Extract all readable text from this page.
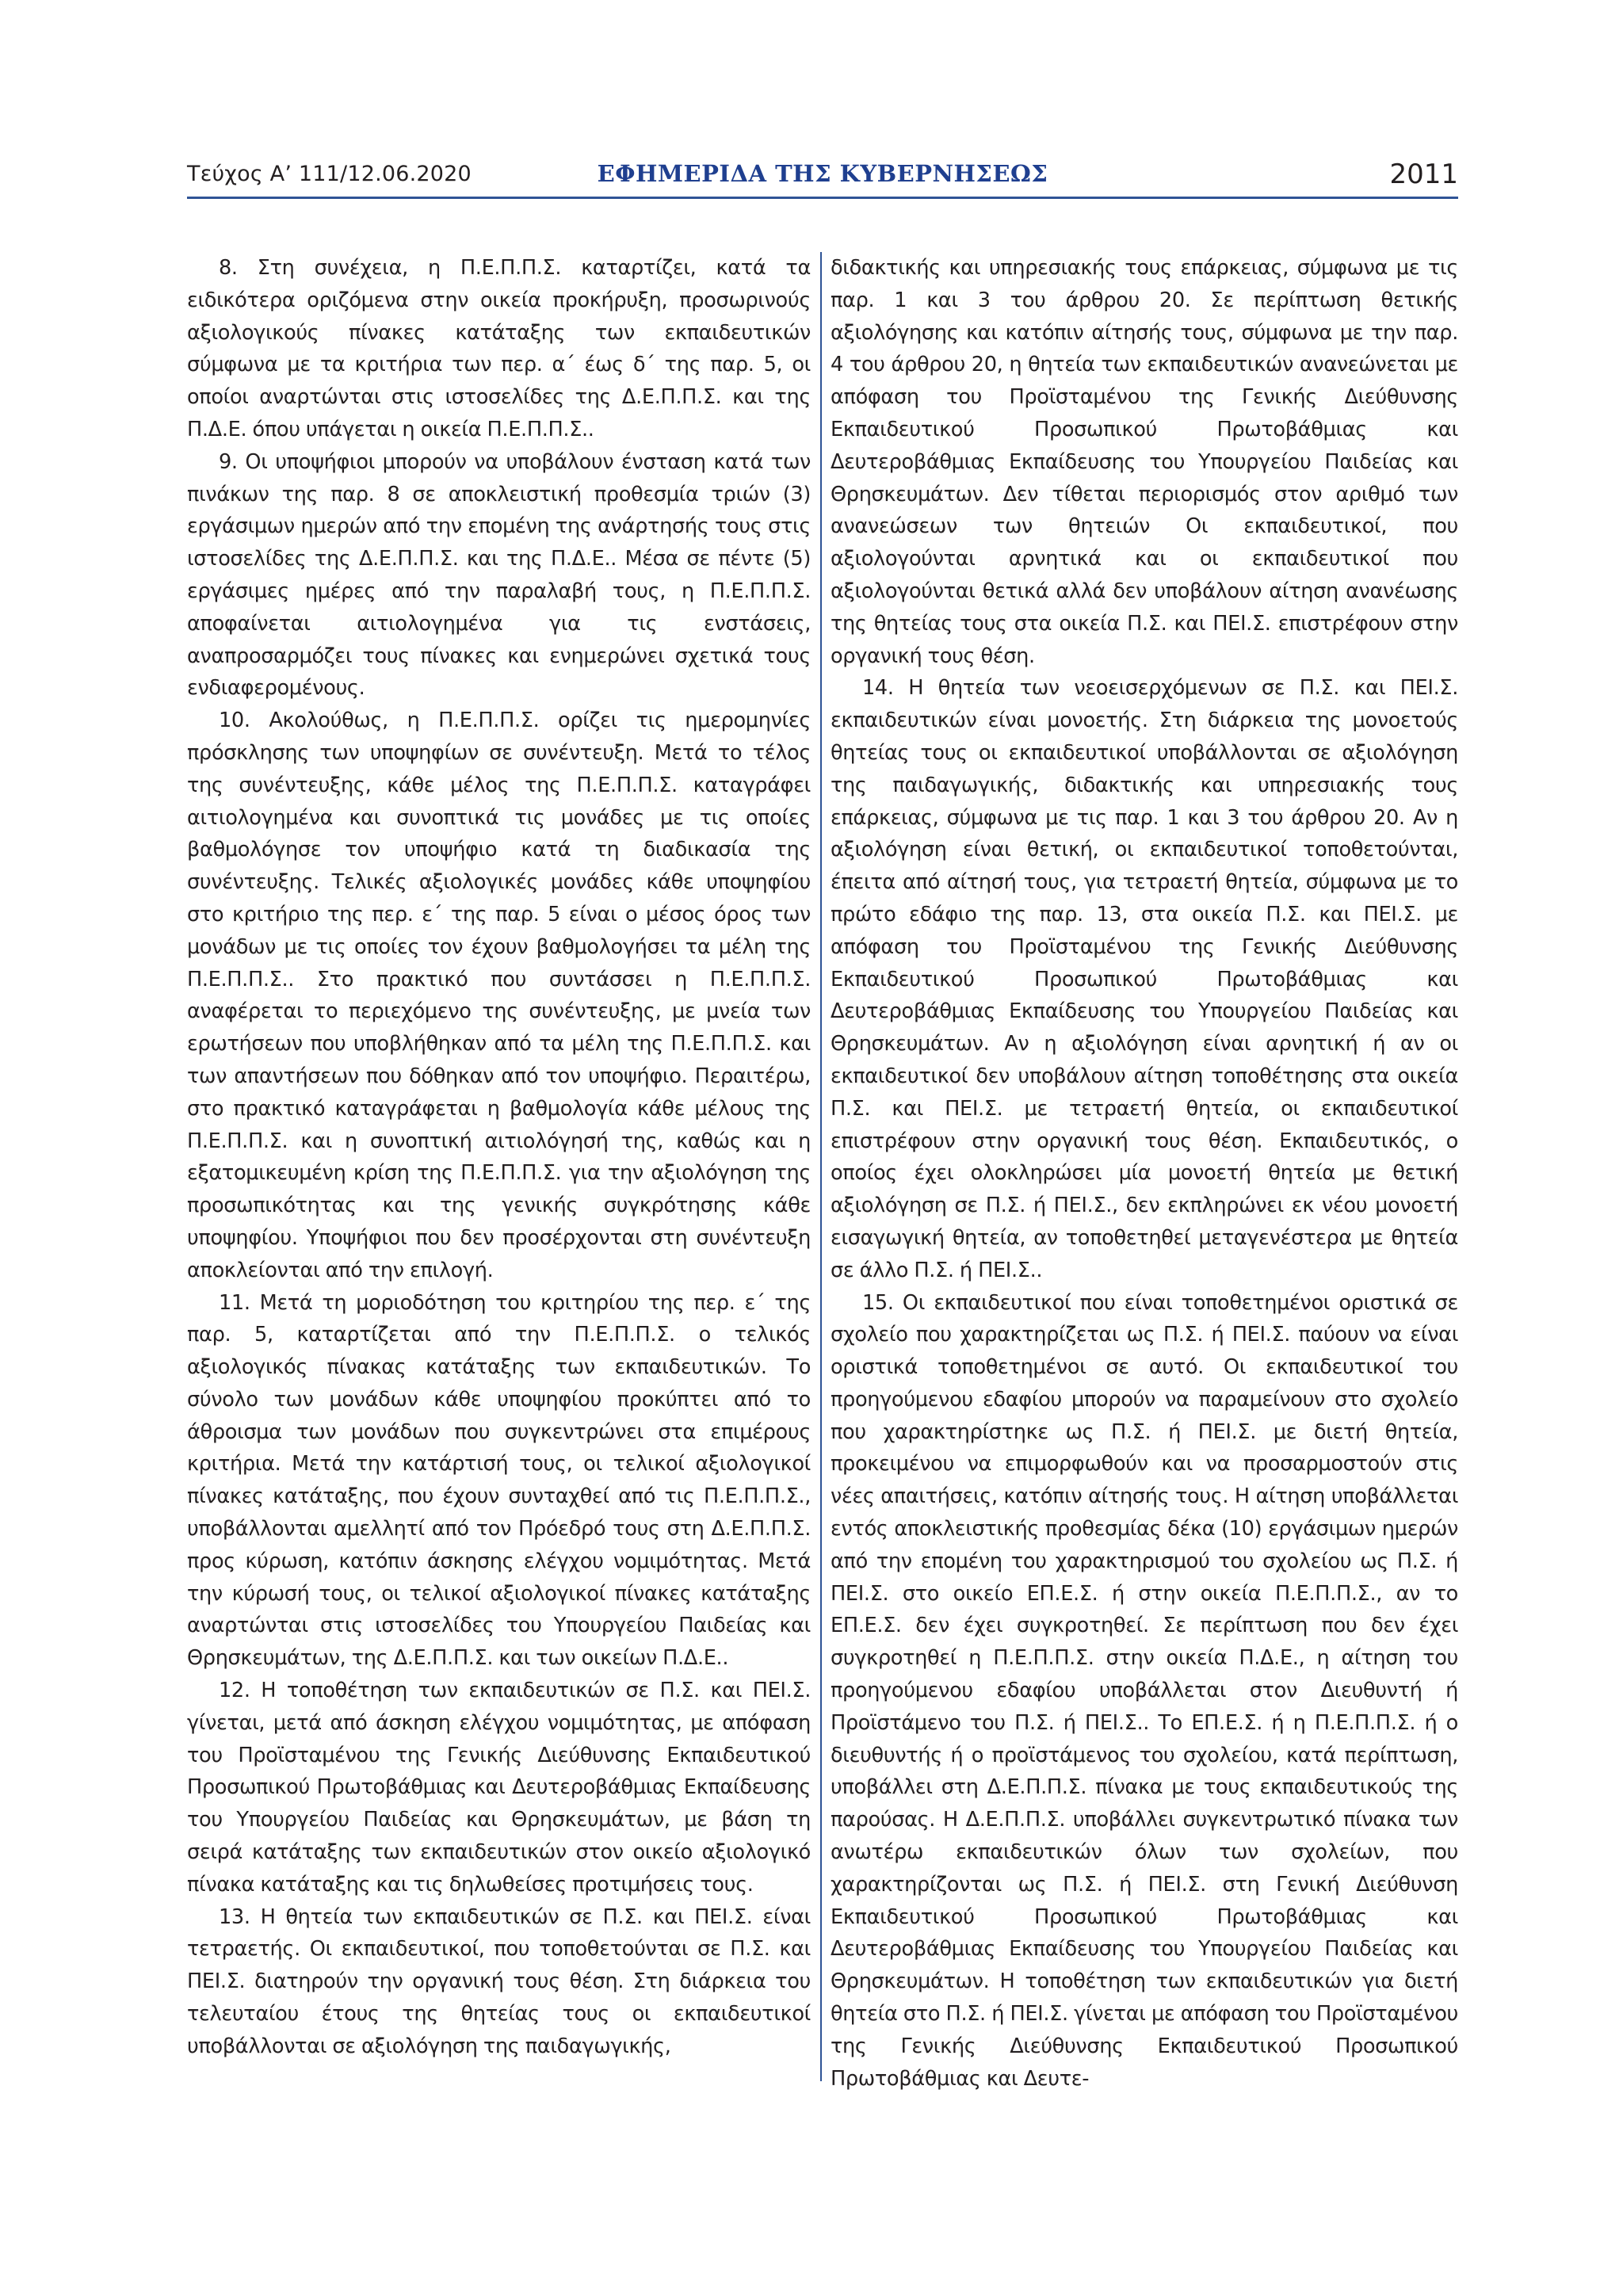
Τεύχος Α’ 111/12.06.2020	ΕΦΗΜΕΡΙΔΑ ΤΗΣ ΚΥΒΕΡΝΗΣΕΩΣ	2011

8. Στη συνέχεια, η Π.Ε.Π.Π.Σ. καταρτίζει, κατά τα ειδικότερα οριζόμενα στην οικεία προκήρυξη, προσωρινούς αξιολογικούς πίνακες κατάταξης των εκπαιδευτικών σύμφωνα με τα κριτήρια των περ. α΄ έως δ΄ της παρ. 5, οι οποίοι αναρτώνται στις ιστοσελίδες της Δ.Ε.Π.Π.Σ. και της Π.Δ.Ε. όπου υπάγεται η οικεία Π.Ε.Π.Π.Σ..

9. Οι υποψήφιοι μπορούν να υποβάλουν ένσταση κατά των πινάκων της παρ. 8 σε αποκλειστική προθεσμία τριών (3) εργάσιμων ημερών από την επομένη της ανάρτησής τους στις ιστοσελίδες της Δ.Ε.Π.Π.Σ. και της Π.Δ.Ε.. Μέσα σε πέντε (5) εργάσιμες ημέρες από την παραλαβή τους, η Π.Ε.Π.Π.Σ. αποφαίνεται αιτιολογημένα για τις ενστάσεις, αναπροσαρμόζει τους πίνακες και ενημερώνει σχετικά τους ενδιαφερομένους.

10. Ακολούθως, η Π.Ε.Π.Π.Σ. ορίζει τις ημερομηνίες πρόσκλησης των υποψηφίων σε συνέντευξη. Μετά το τέλος της συνέντευξης, κάθε μέλος της Π.Ε.Π.Π.Σ. καταγράφει αιτιολογημένα και συνοπτικά τις μονάδες με τις οποίες βαθμολόγησε τον υποψήφιο κατά τη διαδικασία της συνέντευξης. Τελικές αξιολογικές μονάδες κάθε υποψηφίου στο κριτήριο της περ. ε΄ της παρ. 5 είναι ο μέσος όρος των μονάδων με τις οποίες τον έχουν βαθμολογήσει τα μέλη της Π.Ε.Π.Π.Σ.. Στο πρακτικό που συντάσσει η Π.Ε.Π.Π.Σ. αναφέρεται το περιεχόμενο της συνέντευξης, με μνεία των ερωτήσεων που υποβλήθηκαν από τα μέλη της Π.Ε.Π.Π.Σ. και των απαντήσεων που δόθηκαν από τον υποψήφιο. Περαιτέρω, στο πρακτικό καταγράφεται η βαθμολογία κάθε μέλους της Π.Ε.Π.Π.Σ. και η συνοπτική αιτιολόγησή της, καθώς και η εξατομικευμένη κρίση της Π.Ε.Π.Π.Σ. για την αξιολόγηση της προσωπικότητας και της γενικής συγκρότησης κάθε υποψηφίου. Υποψήφιοι που δεν προσέρχονται στη συνέντευξη αποκλείονται από την επιλογή.

11. Μετά τη μοριοδότηση του κριτηρίου της περ. ε΄ της παρ. 5, καταρτίζεται από την Π.Ε.Π.Π.Σ. ο τελικός αξιολογικός πίνακας κατάταξης των εκπαιδευτικών. Το σύνολο των μονάδων κάθε υποψηφίου προκύπτει από το άθροισμα των μονάδων που συγκεντρώνει στα επιμέρους κριτήρια. Μετά την κατάρτισή τους, οι τελικοί αξιολογικοί πίνακες κατάταξης, που έχουν συνταχθεί από τις Π.Ε.Π.Π.Σ., υποβάλλονται αμελλητί από τον Πρόεδρό τους στη Δ.Ε.Π.Π.Σ. προς κύρωση, κατόπιν άσκησης ελέγχου νομιμότητας. Μετά την κύρωσή τους, οι τελικοί αξιολογικοί πίνακες κατάταξης αναρτώνται στις ιστοσελίδες του Υπουργείου Παιδείας και Θρησκευμάτων, της Δ.Ε.Π.Π.Σ. και των οικείων Π.Δ.Ε..

12. Η τοποθέτηση των εκπαιδευτικών σε Π.Σ. και ΠΕΙ.Σ. γίνεται, μετά από άσκηση ελέγχου νομιμότητας, με απόφαση του Προϊσταμένου της Γενικής Διεύθυνσης Εκπαιδευτικού Προσωπικού Πρωτοβάθμιας και Δευτεροβάθμιας Εκπαίδευσης του Υπουργείου Παιδείας και Θρησκευμάτων, με βάση τη σειρά κατάταξης των εκπαιδευτικών στον οικείο αξιολογικό πίνακα κατάταξης και τις δηλωθείσες προτιμήσεις τους.

13. Η θητεία των εκπαιδευτικών σε Π.Σ. και ΠΕΙ.Σ. είναι τετραετής. Οι εκπαιδευτικοί, που τοποθετούνται σε Π.Σ. και ΠΕΙ.Σ. διατηρούν την οργανική τους θέση. Στη διάρκεια του τελευταίου έτους της θητείας τους οι εκπαιδευτικοί υποβάλλονται σε αξιολόγηση της παιδαγωγικής,

διδακτικής και υπηρεσιακής τους επάρκειας, σύμφωνα με τις παρ. 1 και 3 του άρθρου 20. Σε περίπτωση θετικής αξιολόγησης και κατόπιν αίτησής τους, σύμφωνα με την παρ. 4 του άρθρου 20, η θητεία των εκπαιδευτικών ανανεώνεται με απόφαση του Προϊσταμένου της Γενικής Διεύθυνσης Εκπαιδευτικού Προσωπικού Πρωτοβάθμιας και Δευτεροβάθμιας Εκπαίδευσης του Υπουργείου Παιδείας και Θρησκευμάτων. Δεν τίθεται περιορισμός στον αριθμό των ανανεώσεων των θητειών Οι εκπαιδευτικοί, που αξιολογούνται αρνητικά και οι εκπαιδευτικοί που αξιολογούνται θετικά αλλά δεν υποβάλουν αίτηση ανανέωσης της θητείας τους στα οικεία Π.Σ. και ΠΕΙ.Σ. επιστρέφουν στην οργανική τους θέση.

14. Η θητεία των νεοεισερχόμενων σε Π.Σ. και ΠΕΙ.Σ. εκπαιδευτικών είναι μονοετής. Στη διάρκεια της μονοετούς θητείας τους οι εκπαιδευτικοί υποβάλλονται σε αξιολόγηση της παιδαγωγικής, διδακτικής και υπηρεσιακής τους επάρκειας, σύμφωνα με τις παρ. 1 και 3 του άρθρου 20. Αν η αξιολόγηση είναι θετική, οι εκπαιδευτικοί τοποθετούνται, έπειτα από αίτησή τους, για τετραετή θητεία, σύμφωνα με το πρώτο εδάφιο της παρ. 13, στα οικεία Π.Σ. και ΠΕΙ.Σ. με απόφαση του Προϊσταμένου της Γενικής Διεύθυνσης Εκπαιδευτικού Προσωπικού Πρωτοβάθμιας και Δευτεροβάθμιας Εκπαίδευσης του Υπουργείου Παιδείας και Θρησκευμάτων. Αν η αξιολόγηση είναι αρνητική ή αν οι εκπαιδευτικοί δεν υποβάλουν αίτηση τοποθέτησης στα οικεία Π.Σ. και ΠΕΙ.Σ. με τετραετή θητεία, οι εκπαιδευτικοί επιστρέφουν στην οργανική τους θέση. Εκπαιδευτικός, ο οποίος έχει ολοκληρώσει μία μονοετή θητεία με θετική αξιολόγηση σε Π.Σ. ή ΠΕΙ.Σ., δεν εκπληρώνει εκ νέου μονοετή εισαγωγική θητεία, αν τοποθετηθεί μεταγενέστερα με θητεία σε άλλο Π.Σ. ή ΠΕΙ.Σ..

15. Οι εκπαιδευτικοί που είναι τοποθετημένοι οριστικά σε σχολείο που χαρακτηρίζεται ως Π.Σ. ή ΠΕΙ.Σ. παύουν να είναι οριστικά τοποθετημένοι σε αυτό. Οι εκπαιδευτικοί του προηγούμενου εδαφίου μπορούν να παραμείνουν στο σχολείο που χαρακτηρίστηκε ως Π.Σ. ή ΠΕΙ.Σ. με διετή θητεία, προκειμένου να επιμορφωθούν και να προσαρμοστούν στις νέες απαιτήσεις, κατόπιν αίτησής τους. Η αίτηση υποβάλλεται εντός αποκλειστικής προθεσμίας δέκα (10) εργάσιμων ημερών από την επομένη του χαρακτηρισμού του σχολείου ως Π.Σ. ή ΠΕΙ.Σ. στο οικείο ΕΠ.Ε.Σ. ή στην οικεία Π.Ε.Π.Π.Σ., αν το ΕΠ.Ε.Σ. δεν έχει συγκροτηθεί. Σε περίπτωση που δεν έχει συγκροτηθεί η Π.Ε.Π.Π.Σ. στην οικεία Π.Δ.Ε., η αίτηση του προηγούμενου εδαφίου υποβάλλεται στον Διευθυντή ή Προϊστάμενο του Π.Σ. ή ΠΕΙ.Σ.. Το ΕΠ.Ε.Σ. ή η Π.Ε.Π.Π.Σ. ή ο διευθυντής ή ο προϊστάμενος του σχολείου, κατά περίπτωση, υποβάλλει στη Δ.Ε.Π.Π.Σ. πίνακα με τους εκπαιδευτικούς της παρούσας. Η Δ.Ε.Π.Π.Σ. υποβάλλει συγκεντρωτικό πίνακα των ανωτέρω εκπαιδευτικών όλων των σχολείων, που χαρακτηρίζονται ως Π.Σ. ή ΠΕΙ.Σ. στη Γενική Διεύθυνση Εκπαιδευτικού Προσωπικού Πρωτοβάθμιας και Δευτεροβάθμιας Εκπαίδευσης του Υπουργείου Παιδείας και Θρησκευμάτων. Η τοποθέτηση των εκπαιδευτικών για διετή θητεία στο Π.Σ. ή ΠΕΙ.Σ. γίνεται με απόφαση του Προϊσταμένου της Γενικής Διεύθυνσης Εκπαιδευτικού Προσωπικού Πρωτοβάθμιας και Δευτε-
